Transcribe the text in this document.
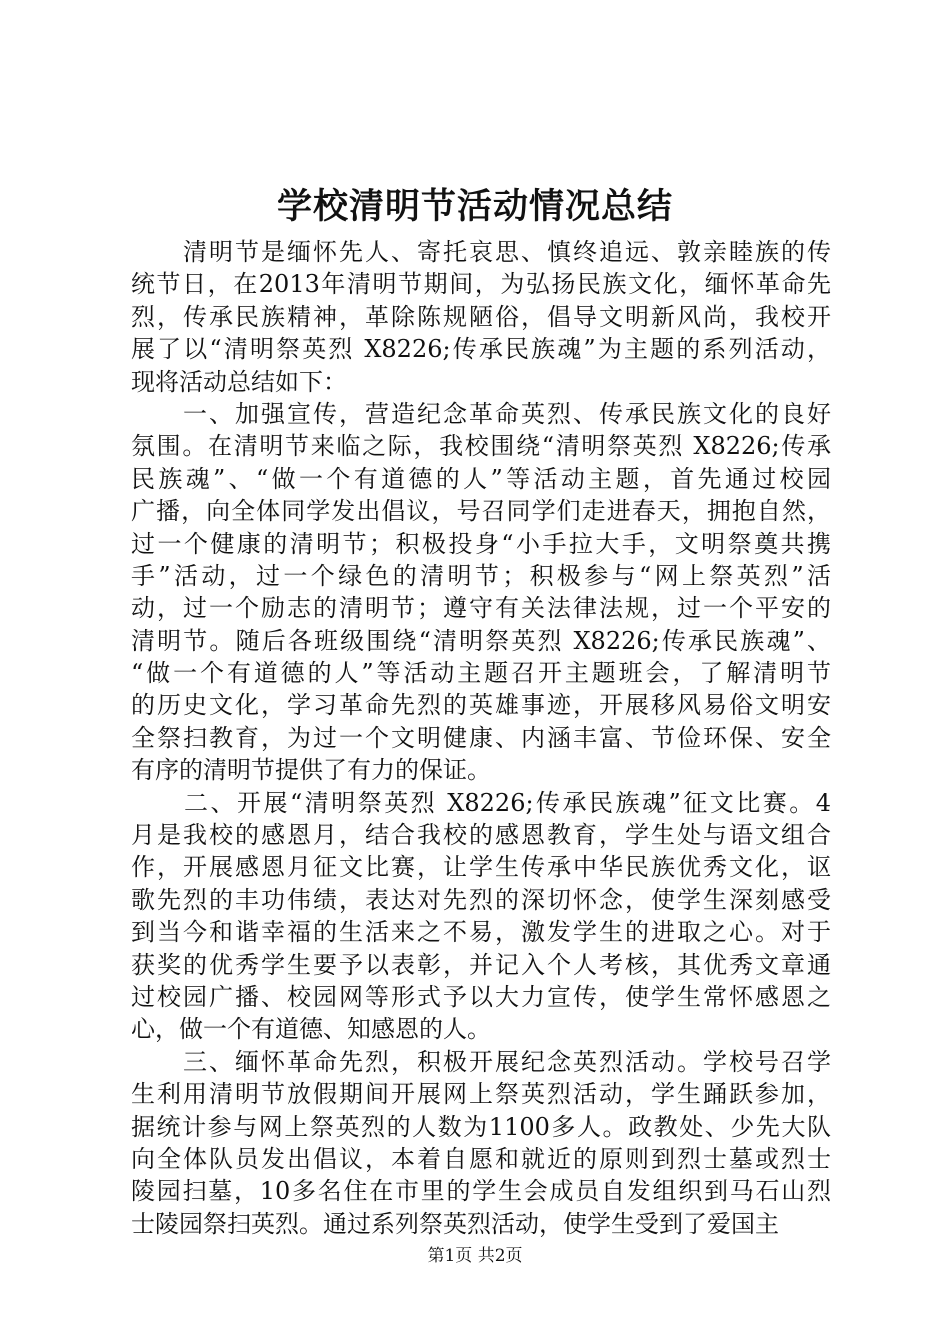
学校清明节活动情况总结
　　清明节是缅怀先人、寄托哀思、慎终追远、敦亲睦族的传
统节日，在2013年清明节期间，为弘扬民族文化，缅怀革命先
烈，传承民族精神，革除陈规陋俗，倡导文明新风尚，我校开
展了以“清明祭英烈 X8226;传承民族魂”为主题的系列活动，
现将活动总结如下：
　　一、加强宣传，营造纪念革命英烈、传承民族文化的良好
氛围。在清明节来临之际，我校围绕“清明祭英烈 X8226;传承
民族魂”、“做一个有道德的人”等活动主题，首先通过校园
广播，向全体同学发出倡议，号召同学们走进春天，拥抱自然，
过一个健康的清明节；积极投身“小手拉大手，文明祭奠共携
手”活动，过一个绿色的清明节；积极参与“网上祭英烈”活
动，过一个励志的清明节；遵守有关法律法规，过一个平安的
清明节。随后各班级围绕“清明祭英烈 X8226;传承民族魂”、
“做一个有道德的人”等活动主题召开主题班会，了解清明节
的历史文化，学习革命先烈的英雄事迹，开展移风易俗文明安
全祭扫教育，为过一个文明健康、内涵丰富、节俭环保、安全
有序的清明节提供了有力的保证。
　　二、开展“清明祭英烈 X8226;传承民族魂”征文比赛。4
月是我校的感恩月，结合我校的感恩教育，学生处与语文组合
作，开展感恩月征文比赛，让学生传承中华民族优秀文化，讴
歌先烈的丰功伟绩，表达对先烈的深切怀念，使学生深刻感受
到当今和谐幸福的生活来之不易，激发学生的进取之心。对于
获奖的优秀学生要予以表彰，并记入个人考核，其优秀文章通
过校园广播、校园网等形式予以大力宣传，使学生常怀感恩之
心，做一个有道德、知感恩的人。
　　三、缅怀革命先烈，积极开展纪念英烈活动。学校号召学
生利用清明节放假期间开展网上祭英烈活动，学生踊跃参加，
据统计参与网上祭英烈的人数为1100多人。政教处、少先大队
向全体队员发出倡议，本着自愿和就近的原则到烈士墓或烈士
陵园扫墓，10多名住在市里的学生会成员自发组织到马石山烈
士陵园祭扫英烈。通过系列祭英烈活动，使学生受到了爱国主
第1页 共2页
